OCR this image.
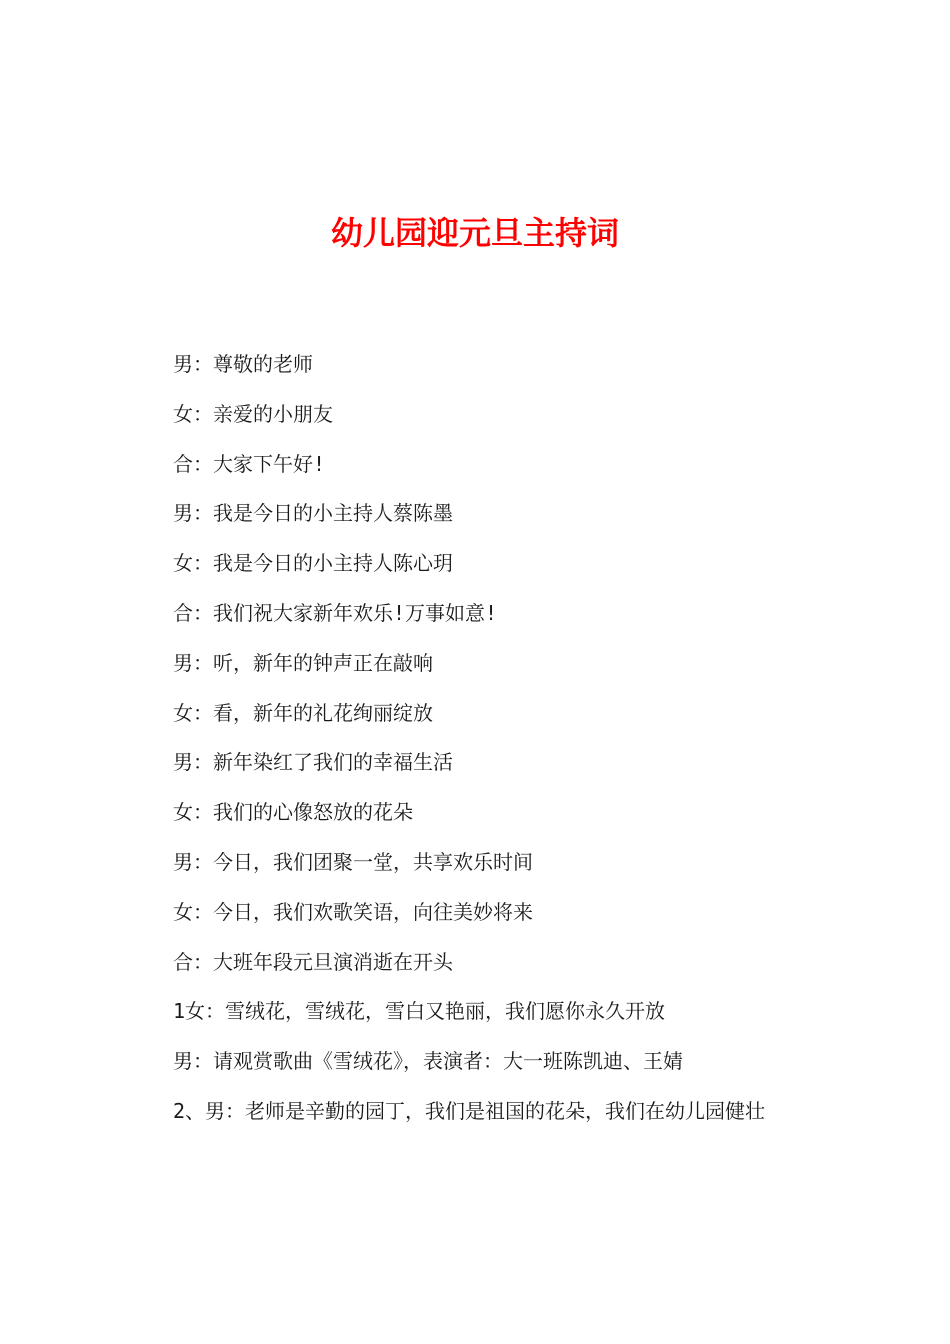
幼儿园迎元旦主持词
男：尊敬的老师
女：亲爱的小朋友
合：大家下午好!
男：我是今日的小主持人蔡陈墨
女：我是今日的小主持人陈心玥
合：我们祝大家新年欢乐!万事如意!
男：听，新年的钟声正在敲响
女：看，新年的礼花绚丽绽放
男：新年染红了我们的幸福生活
女：我们的心像怒放的花朵
男：今日，我们团聚一堂，共享欢乐时间
女：今日，我们欢歌笑语，向往美妙将来
合：大班年段元旦演消逝在开头
1女：雪绒花，雪绒花，雪白又艳丽，我们愿你永久开放
男：请观赏歌曲《雪绒花》，表演者：大一班陈凯迪、王婧
2、男：老师是辛勤的园丁，我们是祖国的花朵，我们在幼儿园健壮
